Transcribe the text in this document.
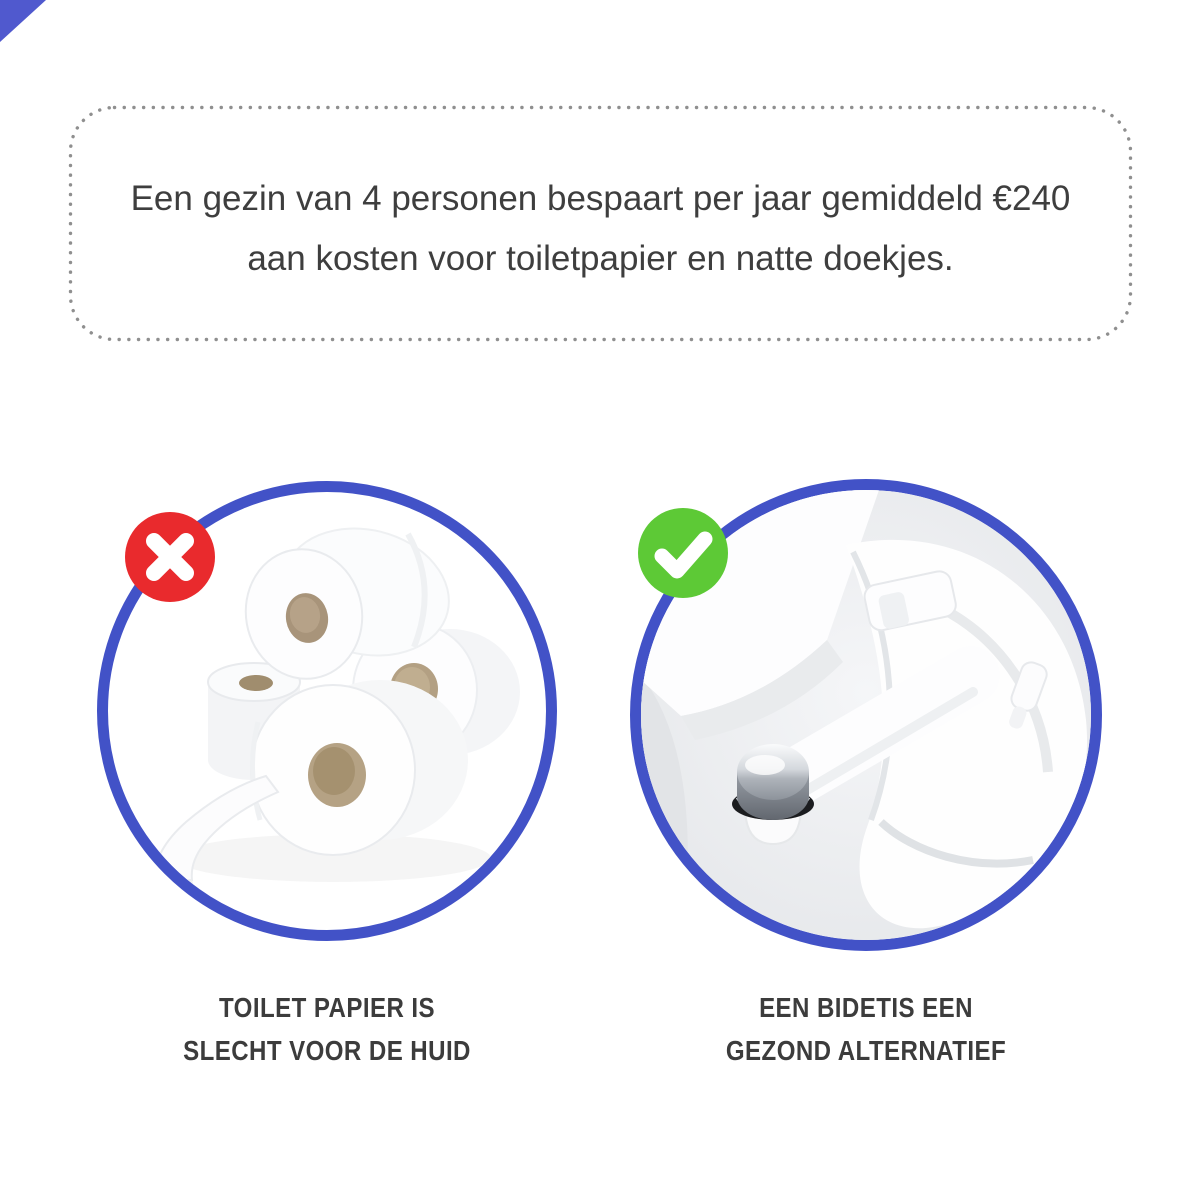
Een gezin van 4 personen bespaart per jaar gemiddeld €240
aan kosten voor toiletpapier en natte doekjes.
TOILET PAPIER IS
SLECHT VOOR DE HUID
EEN BIDETIS EEN
GEZOND ALTERNATIEF
